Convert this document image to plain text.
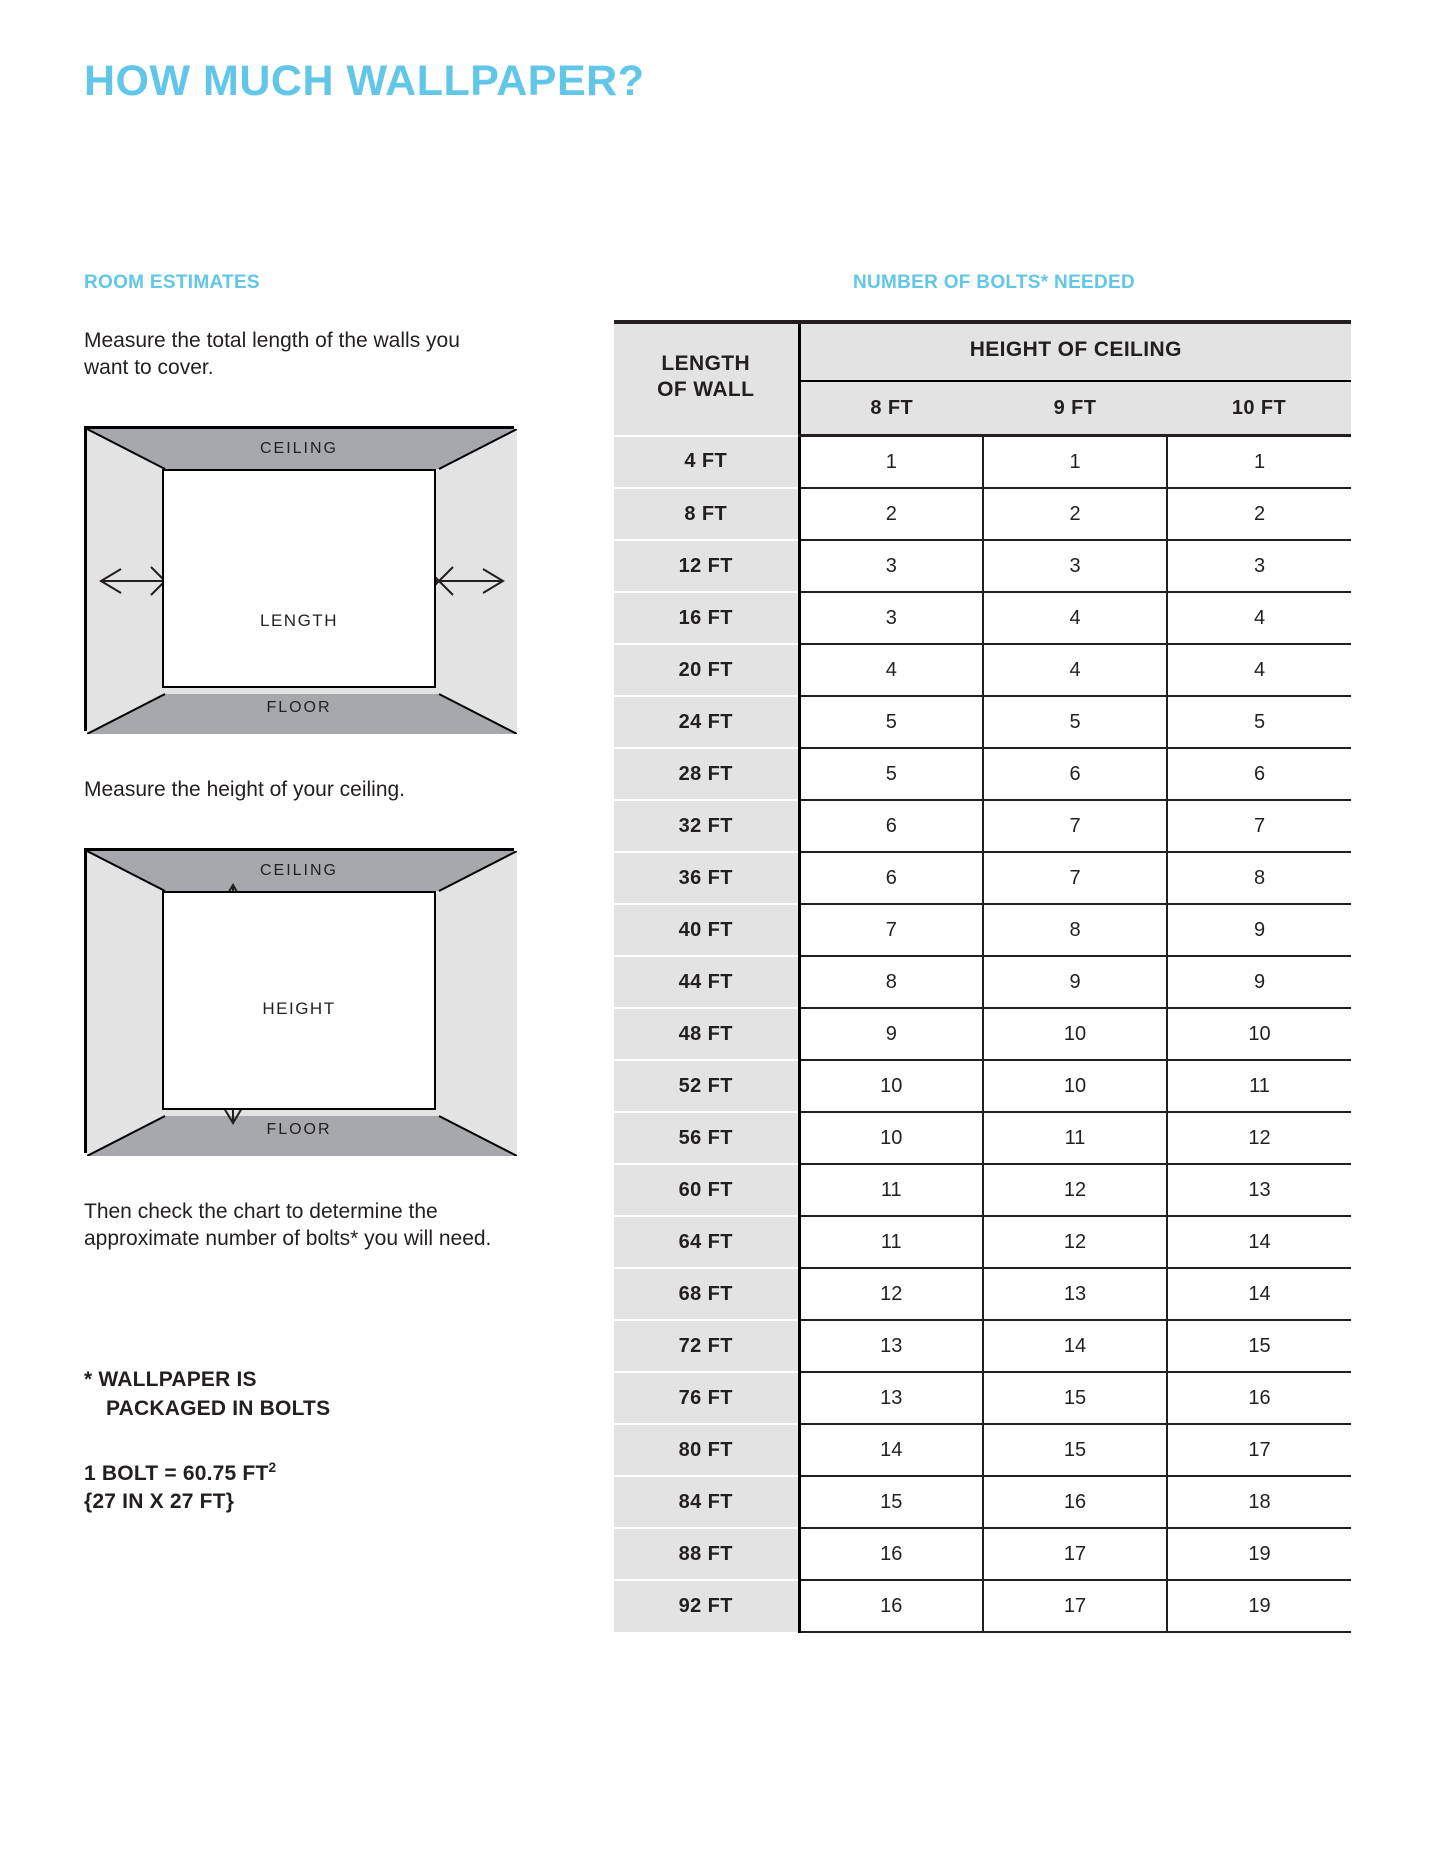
HOW MUCH WALLPAPER?
ROOM ESTIMATES

Measure the total length of the walls you want to cover.

CEILING
FLOOR
LENGTH

Measure the height of your ceiling.

CEILING
FLOOR
HEIGHT

Then check the chart to determine the approximate number of bolts* you will need.

* WALLPAPER IS

PACKAGED IN BOLTS
1 BOLT = 60.75 $FT^2$
{27 IN X 27 FT}
NUMBER OF BOLTS* NEEDED
LENGTH
OF WALL	HEIGHT OF CEILING		
	8 FT	9 FT	10 FT
4 FT	1	1	1
8 FT	2	2	2
12 FT	3	3	3
16 FT	3	4	4
20 FT	4	4	4
24 FT	5	5	5
28 FT	5	6	6
32 FT	6	7	7
36 FT	6	7	8
40 FT	7	8	9
44 FT	8	9	9
48 FT	9	10	10
52 FT	10	10	11
56 FT	10	11	12
60 FT	11	12	13
64 FT	11	12	14
68 FT	12	13	14
72 FT	13	14	15
76 FT	13	15	16
80 FT	14	15	17
84 FT	15	16	18
88 FT	16	17	19
92 FT	16	17	19
